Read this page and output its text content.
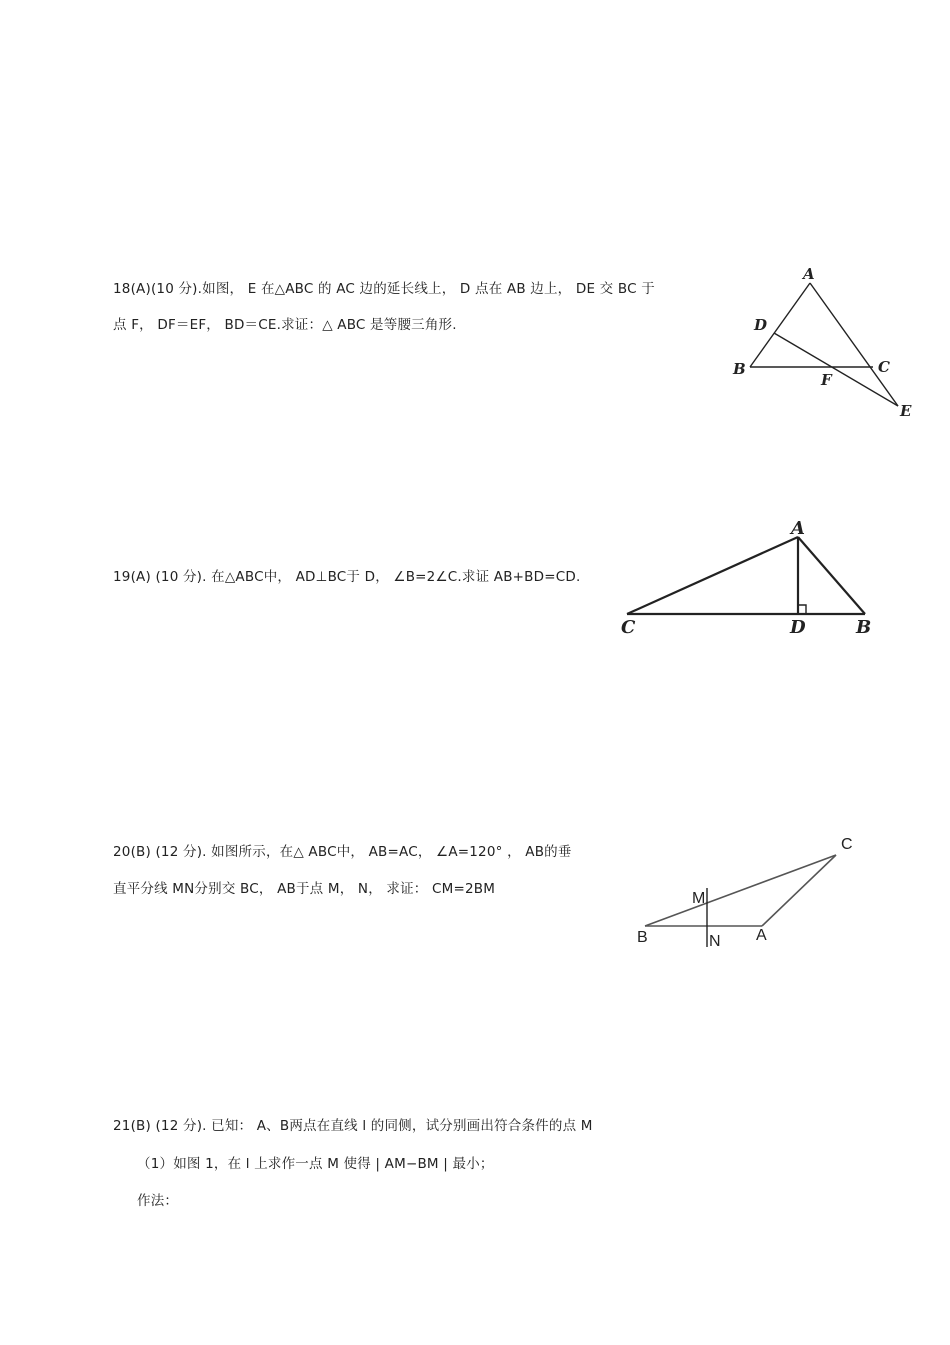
18(A)(10 分).如图， E 在△ABC 的 AC 边的延长线上， D 点在 AB 边上， DE 交 BC 于
点 F， DF＝EF， BD＝CE.求证：△ ABC 是等腰三角形.
A
D
B	C
F
E
19(A) (10 分). 在△ABC中， AD⊥BC于 D， ∠B=2∠C.求证 AB+BD=CD.
A
C	D	B
20(B) (12 分). 如图所示，在△ ABC中， AB=AC， ∠A=120° ， AB的垂
直平分线 MN分别交 BC， AB于点 M， N， 求证： CM=2BM
C
M
B	N A
21(B) (12 分). 已知： A、B两点在直线 l 的同侧，试分别画出符合条件的点 M
（1）如图 1，在 l 上求作一点 M 使得 | AM−BM | 最小；
作法：
